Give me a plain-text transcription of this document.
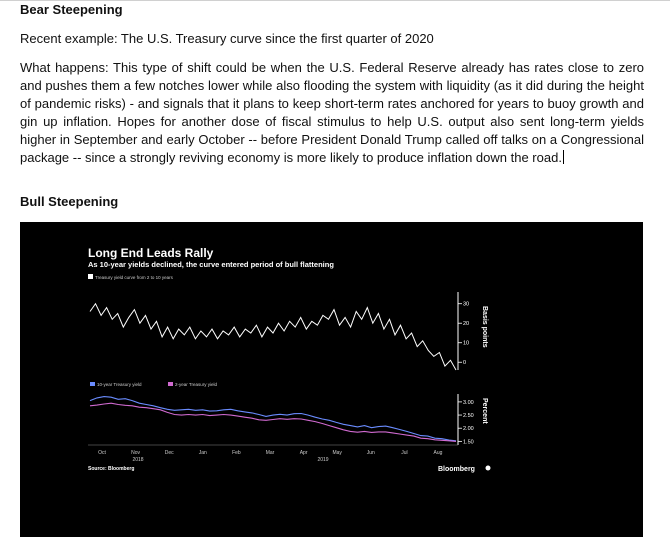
Bear Steepening
Recent example: The U.S. Treasury curve since the first quarter of 2020
What happens: This type of shift could be when the U.S. Federal Reserve already has rates close to zero and pushes them a few notches lower while also flooding the system with liquidity (as it did during the height of pandemic risks) - and signals that it plans to keep short-term rates anchored for years to buoy growth and gin up inflation. Hopes for another dose of fiscal stimulus to help U.S. output also sent long-term yields higher in September and early October -- before President Donald Trump called off talks on a Congressional package -- since a strongly reviving economy is more likely to produce inflation down the road.
Bull Steepening
Long End Leads Rally
As 10-year yields declined, the curve entered period of bull flattening
Treasury yield curve from 2 to 10 years
30
20
10
0
Basis points
10-year Treasury yield	2-year Treasury yield
3.00
2.50
2.00
1.50
Percent
Oct	Nov	Dec	Jan	Feb	Mar	Apr	May	Jun	Jul	Aug
2018	2019
Source: Bloomberg	Bloomberg
